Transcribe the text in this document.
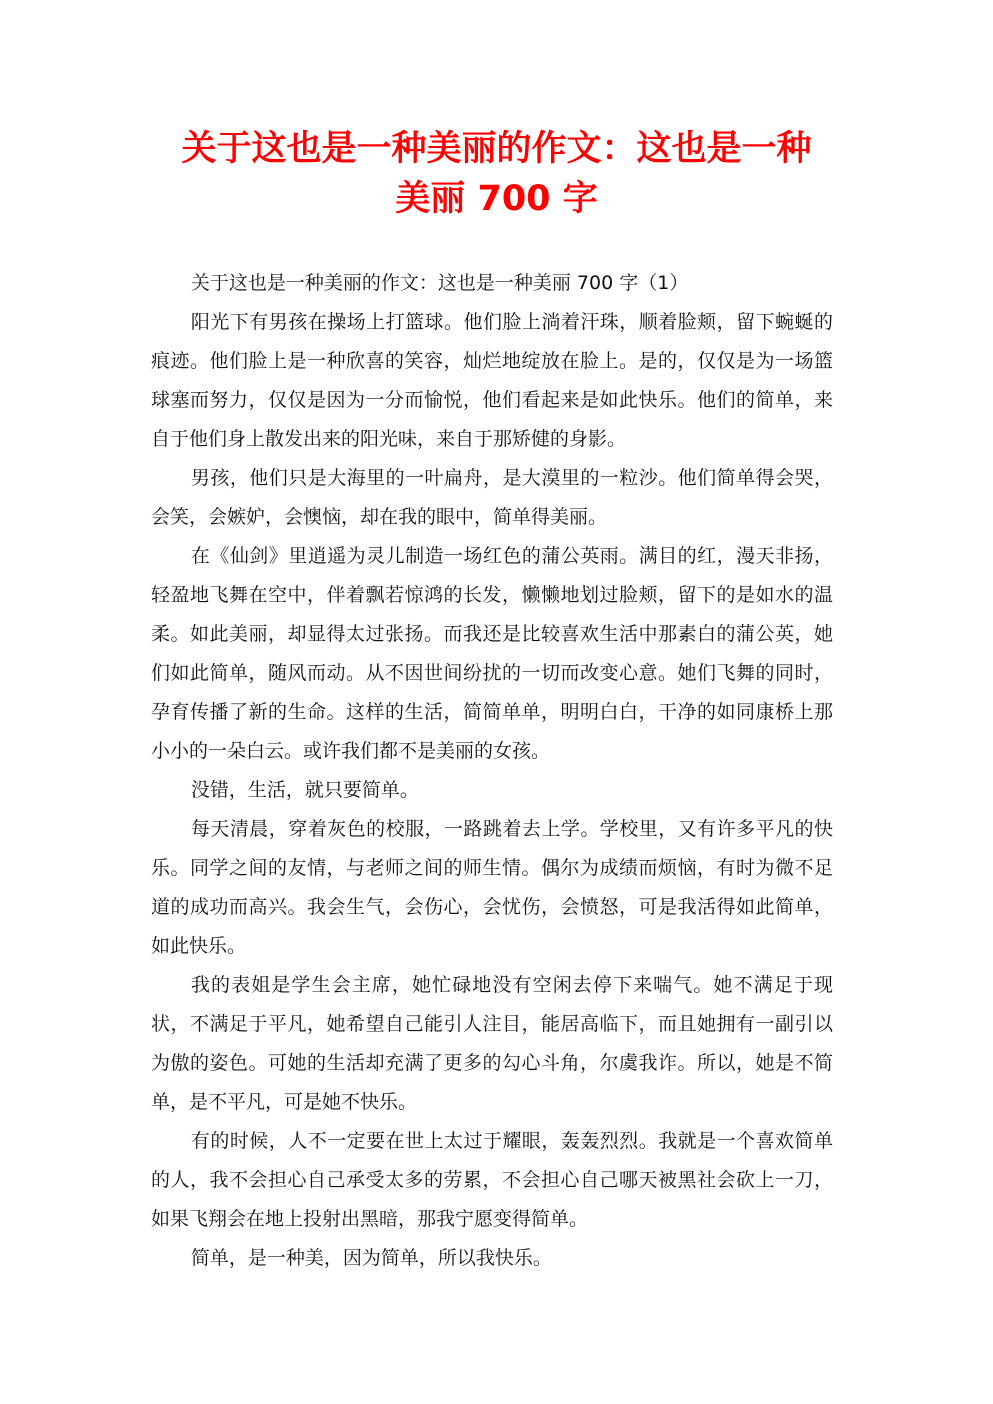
关于这也是一种美丽的作文：这也是一种
美丽 700 字

关于这也是一种美丽的作文：这也是一种美丽 700 字（1）

阳光下有男孩在操场上打篮球。他们脸上淌着汗珠，顺着脸颊，留下蜿蜒的痕迹。他们脸上是一种欣喜的笑容，灿烂地绽放在脸上。是的，仅仅是为一场篮球塞而努力，仅仅是因为一分而愉悦，他们看起来是如此快乐。他们的简单，来自于他们身上散发出来的阳光味，来自于那矫健的身影。

男孩，他们只是大海里的一叶扁舟，是大漠里的一粒沙。他们简单得会哭，会笑，会嫉妒，会懊恼，却在我的眼中，简单得美丽。

在《仙剑》里逍遥为灵儿制造一场红色的蒲公英雨。满目的红，漫天非扬，轻盈地飞舞在空中，伴着飘若惊鸿的长发，懒懒地划过脸颊，留下的是如水的温柔。如此美丽，却显得太过张扬。而我还是比较喜欢生活中那素白的蒲公英，她们如此简单，随风而动。从不因世间纷扰的一切而改变心意。她们飞舞的同时，孕育传播了新的生命。这样的生活，简简单单，明明白白，干净的如同康桥上那小小的一朵白云。或许我们都不是美丽的女孩。

没错，生活，就只要简单。

每天清晨，穿着灰色的校服，一路跳着去上学。学校里，又有许多平凡的快乐。同学之间的友情，与老师之间的师生情。偶尔为成绩而烦恼，有时为微不足道的成功而高兴。我会生气，会伤心，会忧伤，会愤怒，可是我活得如此简单，如此快乐。

我的表姐是学生会主席，她忙碌地没有空闲去停下来喘气。她不满足于现状，不满足于平凡，她希望自己能引人注目，能居高临下，而且她拥有一副引以为傲的姿色。可她的生活却充满了更多的勾心斗角，尔虞我诈。所以，她是不简单，是不平凡，可是她不快乐。

有的时候，人不一定要在世上太过于耀眼，轰轰烈烈。我就是一个喜欢简单的人，我不会担心自己承受太多的劳累，不会担心自己哪天被黑社会砍上一刀，如果飞翔会在地上投射出黑暗，那我宁愿变得简单。

简单，是一种美，因为简单，所以我快乐。
